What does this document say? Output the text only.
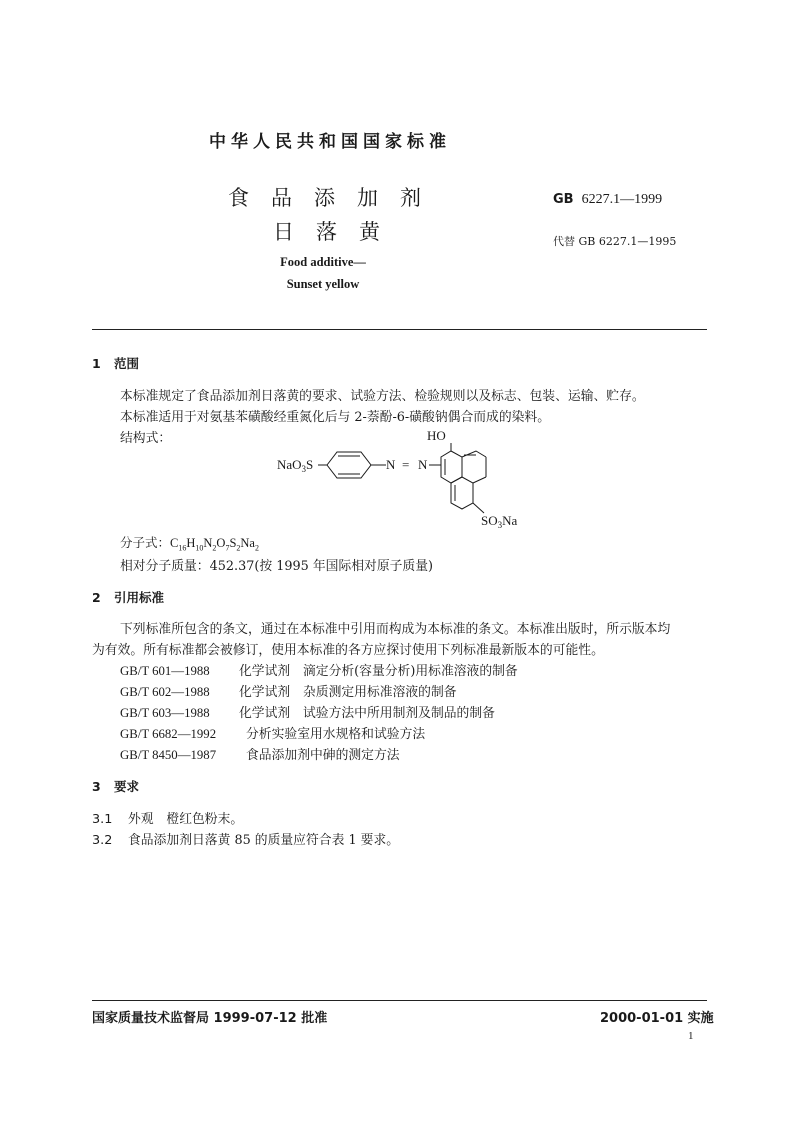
中华人民共和国国家标准
食品添加剂
日落黄
Food additive—
Sunset yellow
GB 6227.1—1999
代替 GB 6227.1—1995
1 范围
本标准规定了食品添加剂日落黄的要求、试验方法、检验规则以及标志、包装、运输、贮存。
本标准适用于对氨基苯磺酸经重氮化后与 2-萘酚-6-磺酸钠偶合而成的染料。
结构式：
NaO$_3$S	N = N
HO
$SO_3Na$
分子式：$C_{16}H_{10}N_2O_7S_2Na_2$
相对分子质量：452.37(按 1995 年国际相对原子质量)
2 引用标准
下列标准所包含的条文，通过在本标准中引用而构成为本标准的条文。本标准出版时，所示版本均
为有效。所有标准都会被修订，使用本标准的各方应探讨使用下列标准最新版本的可能性。
GB/T 601—1988 化学试剂　滴定分析(容量分析)用标准溶液的制备
GB/T 602—1988 化学试剂　杂质测定用标准溶液的制备
GB/T 603—1988 化学试剂　试验方法中所用制剂及制品的制备
GB/T 6682—1992 分析实验室用水规格和试验方法
GB/T 8450—1987 食品添加剂中砷的测定方法
3 要求
3.1 外观　橙红色粉末。
3.2 食品添加剂日落黄 85 的质量应符合表 1 要求。
国家质量技术监督局 1999-07-12 批准	2000-01-01 实施
1
